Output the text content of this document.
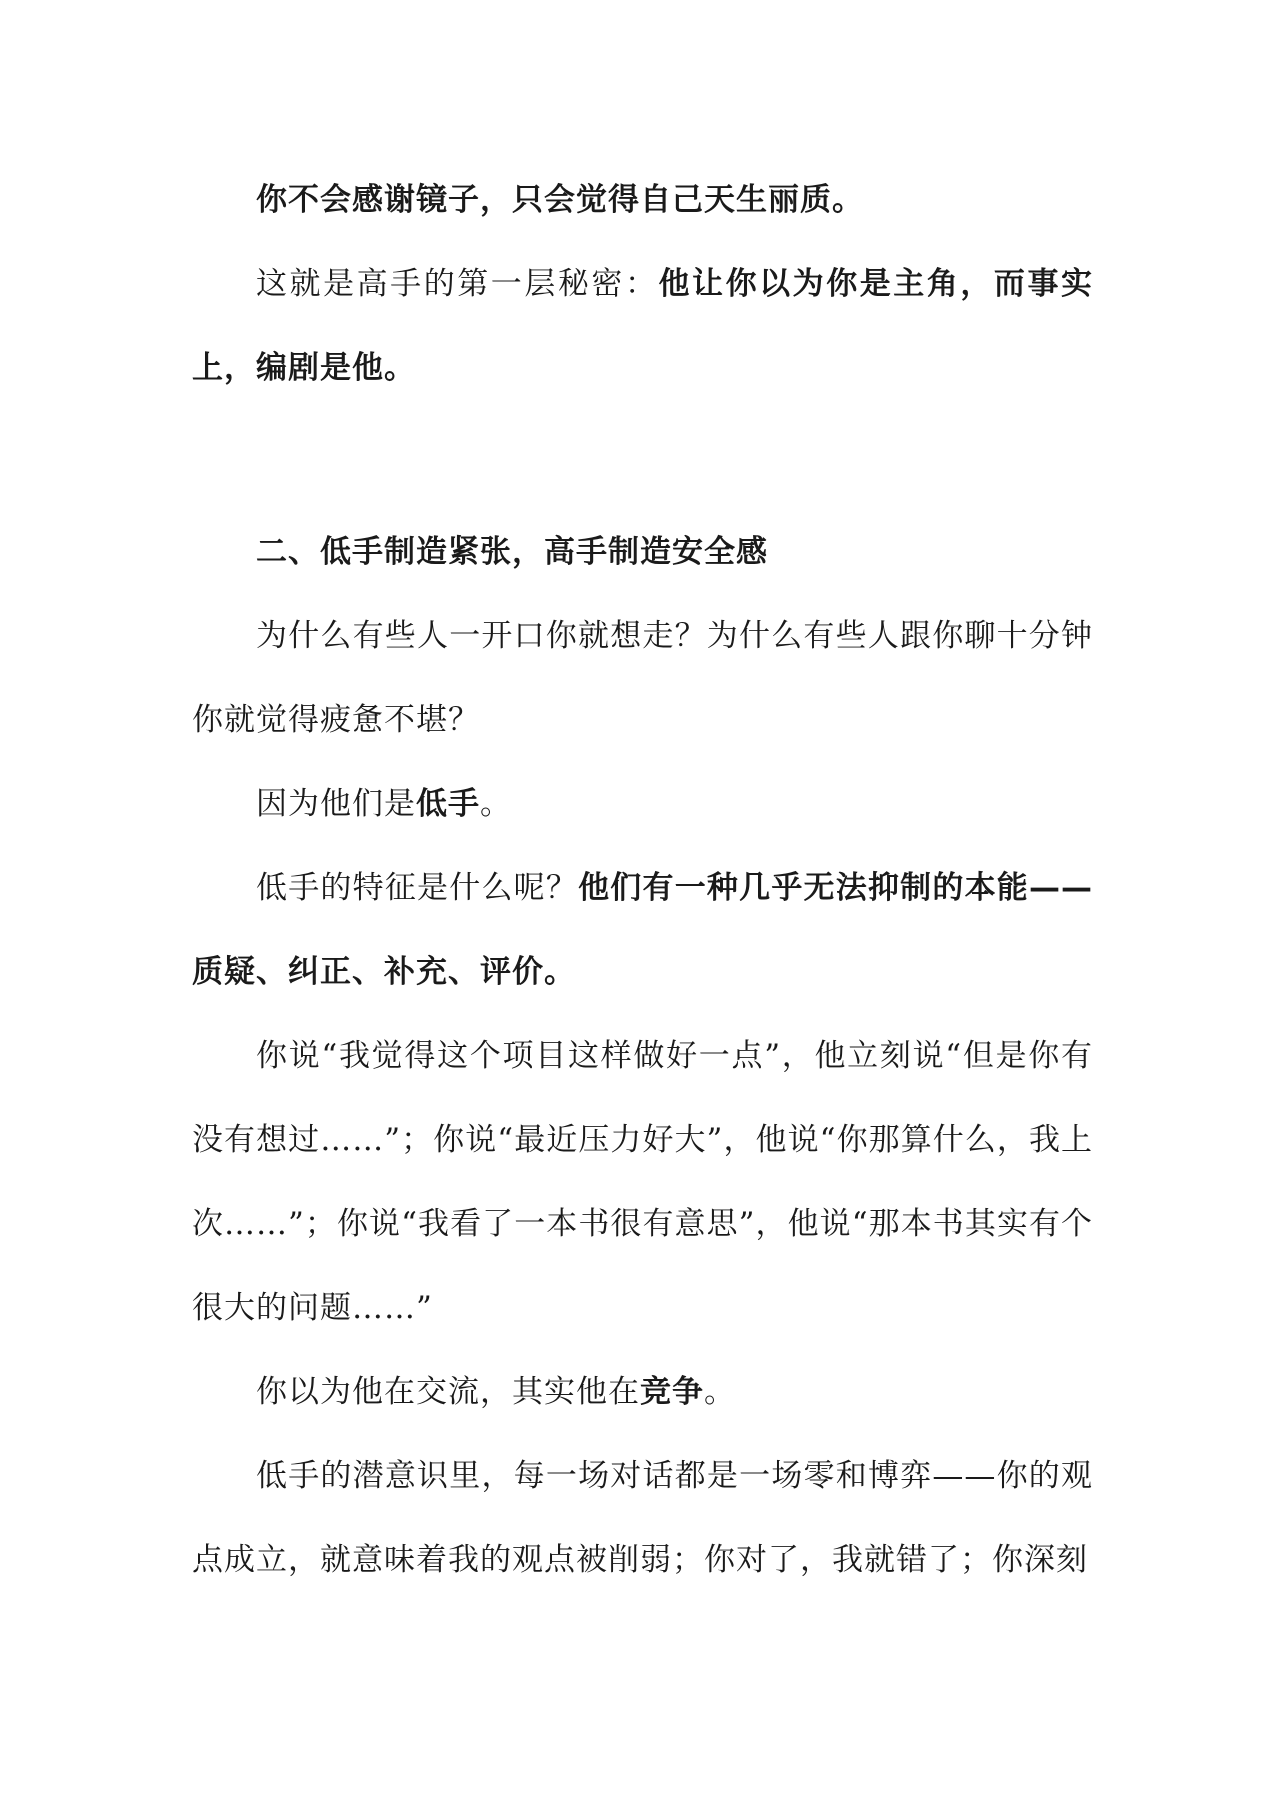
你不会感谢镜子，只会觉得自己天生丽质。

这就是高手的第一层秘密：他让你以为你是主角，而事实上，编剧是他。

二、低手制造紧张，高手制造安全感

为什么有些人一开口你就想走？为什么有些人跟你聊十分钟你就觉得疲惫不堪？

因为他们是低手。

低手的特征是什么呢？他们有一种几乎无法抑制的本能——质疑、纠正、补充、评价。

你说“我觉得这个项目这样做好一点”，他立刻说“但是你有没有想过……”；你说“最近压力好大”，他说“你那算什么，我上次……”；你说“我看了一本书很有意思”，他说“那本书其实有个很大的问题……”

你以为他在交流，其实他在竞争。

低手的潜意识里，每一场对话都是一场零和博弈——你的观点成立，就意味着我的观点被削弱；你对了，我就错了；你深刻
